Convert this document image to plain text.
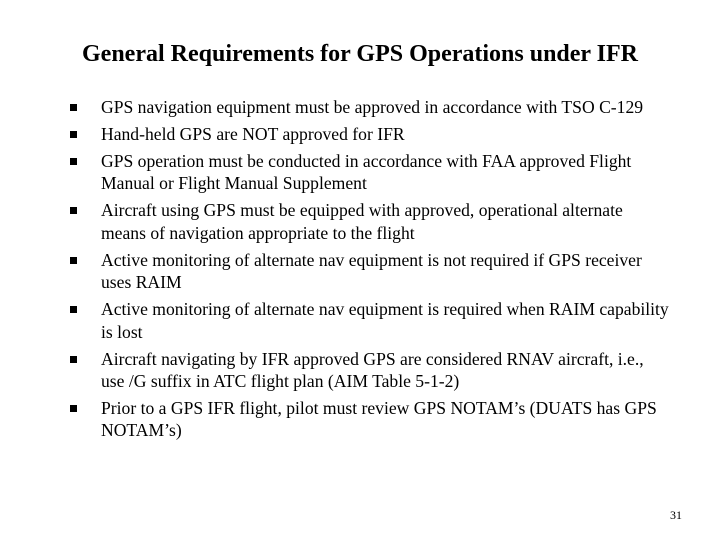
General Requirements for GPS Operations under IFR
GPS navigation equipment must be approved in accordance with TSO C-129
Hand-held GPS are NOT approved for IFR
GPS operation must be conducted in accordance with FAA approved Flight Manual or Flight Manual Supplement
Aircraft using GPS must be equipped with approved, operational alternate means of navigation appropriate to the flight
Active monitoring of alternate nav equipment is not required if GPS receiver uses RAIM
Active monitoring of alternate nav equipment is required when RAIM capability is lost
Aircraft navigating by IFR approved GPS are considered RNAV aircraft, i.e., use /G suffix in ATC flight plan (AIM Table 5-1-2)
Prior to a GPS IFR flight, pilot must review GPS NOTAM’s (DUATS has GPS NOTAM’s)
31
